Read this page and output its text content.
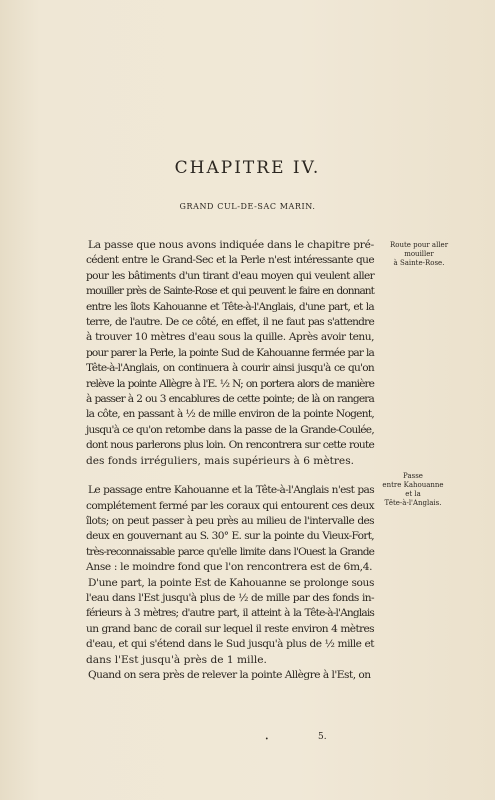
CHAPITRE IV.
GRAND CUL-DE-SAC MARIN.
La passe que nous avons indiquée dans le chapitre pré-
cédent entre le Grand-Sec et la Perle n'est intéressante que
pour les bâtiments d'un tirant d'eau moyen qui veulent aller
mouiller près de Sainte-Rose et qui peuvent le faire en donnant
entre les îlots Kahouanne et Tête-à-l'Anglais, d'une part, et la
terre, de l'autre. De ce côté, en effet, il ne faut pas s'attendre
à trouver 10 mètres d'eau sous la quille. Après avoir tenu,
pour parer la Perle, la pointe Sud de Kahouanne fermée par la
Tête-à-l'Anglais, on continuera à courir ainsi jusqu'à ce qu'on
relève la pointe Allègre à l'E. ½ N; on portera alors de manière
à passer à 2 ou 3 encablures de cette pointe; de là on rangera
la côte, en passant à ½ de mille environ de la pointe Nogent,
jusqu'à ce qu'on retombe dans la passe de la Grande-Coulée,
dont nous parlerons plus loin. On rencontrera sur cette route
des fonds irréguliers, mais supérieurs à 6 mètres.
Le passage entre Kahouanne et la Tête-à-l'Anglais n'est pas
complétement fermé par les coraux qui entourent ces deux
îlots; on peut passer à peu près au milieu de l'intervalle des
deux en gouvernant au S. 30° E. sur la pointe du Vieux-Fort,
très-reconnaissable parce qu'elle limite dans l'Ouest la Grande
Anse : le moindre fond que l'on rencontrera est de 6m,4.
D'une part, la pointe Est de Kahouanne se prolonge sous
l'eau dans l'Est jusqu'à plus de ½ de mille par des fonds in-
férieurs à 3 mètres; d'autre part, il atteint à la Tête-à-l'Anglais
un grand banc de corail sur lequel il reste environ 4 mètres
d'eau, et qui s'étend dans le Sud jusqu'à plus de ½ mille et
dans l'Est jusqu'à près de 1 mille.
Quand on sera près de relever la pointe Allègre à l'Est, on
Route pour aller
mouiller
à Sainte-Rose.
Passe
entre Kahouanne
et la
Tête-à-l'Anglais.
•	5.
